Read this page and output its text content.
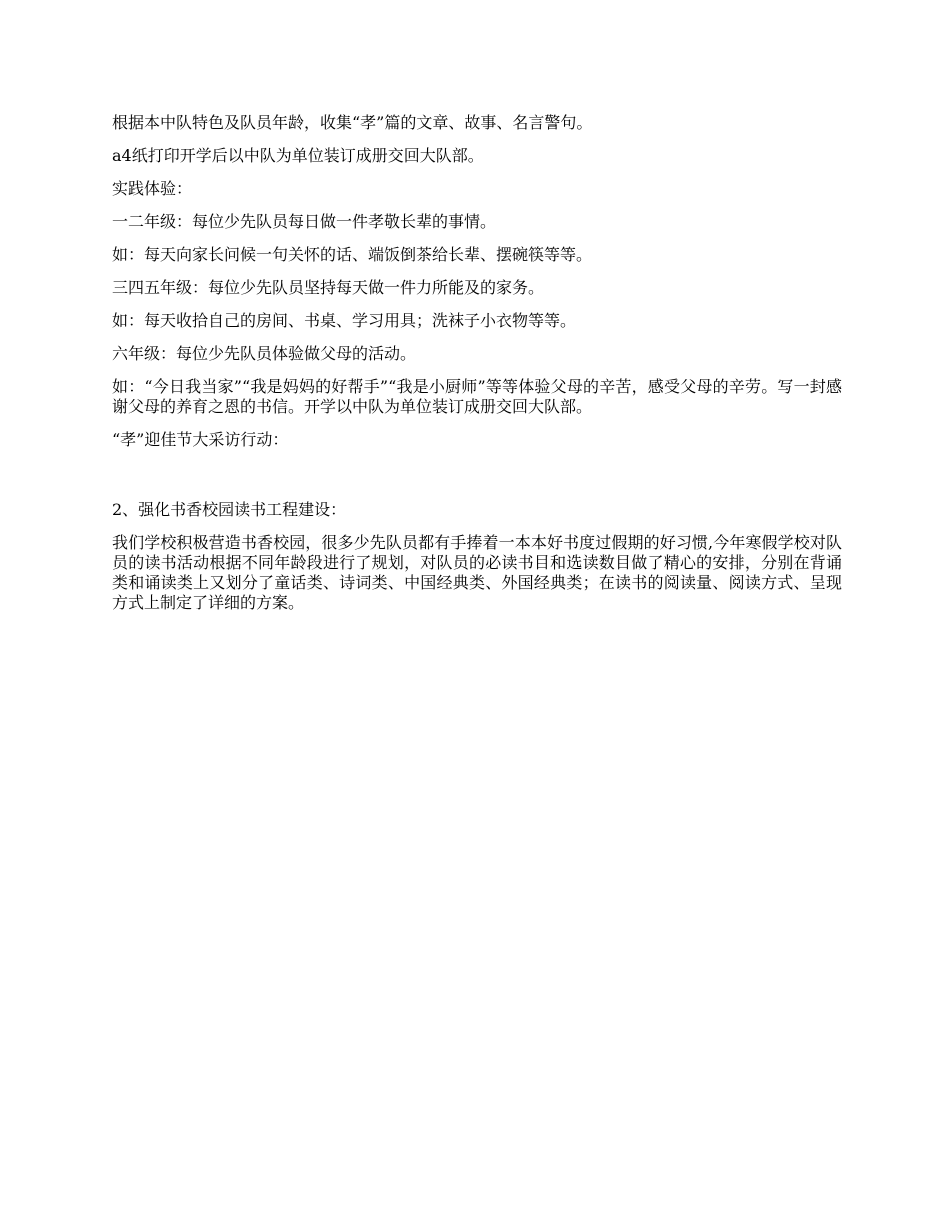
根据本中队特色及队员年龄，收集“孝”篇的文章、故事、名言警句。

a4纸打印开学后以中队为单位装订成册交回大队部。

实践体验：

一二年级：每位少先队员每日做一件孝敬长辈的事情。

如：每天向家长问候一句关怀的话、端饭倒茶给长辈、摆碗筷等等。

三四五年级：每位少先队员坚持每天做一件力所能及的家务。

如：每天收拾自己的房间、书桌、学习用具；洗袜子小衣物等等。

六年级：每位少先队员体验做父母的活动。

如：“今日我当家”“我是妈妈的好帮手”“我是小厨师”等等体验父母的辛苦，感受父母的辛劳。写一封感谢父母的养育之恩的书信。开学以中队为单位装订成册交回大队部。

“孝”迎佳节大采访行动：

2、强化书香校园读书工程建设：

我们学校积极营造书香校园，很多少先队员都有手捧着一本本好书度过假期的好习惯,今年寒假学校对队员的读书活动根据不同年龄段进行了规划，对队员的必读书目和选读数目做了精心的安排，分别在背诵类和诵读类上又划分了童话类、诗词类、中国经典类、外国经典类；在读书的阅读量、阅读方式、呈现方式上制定了详细的方案。
